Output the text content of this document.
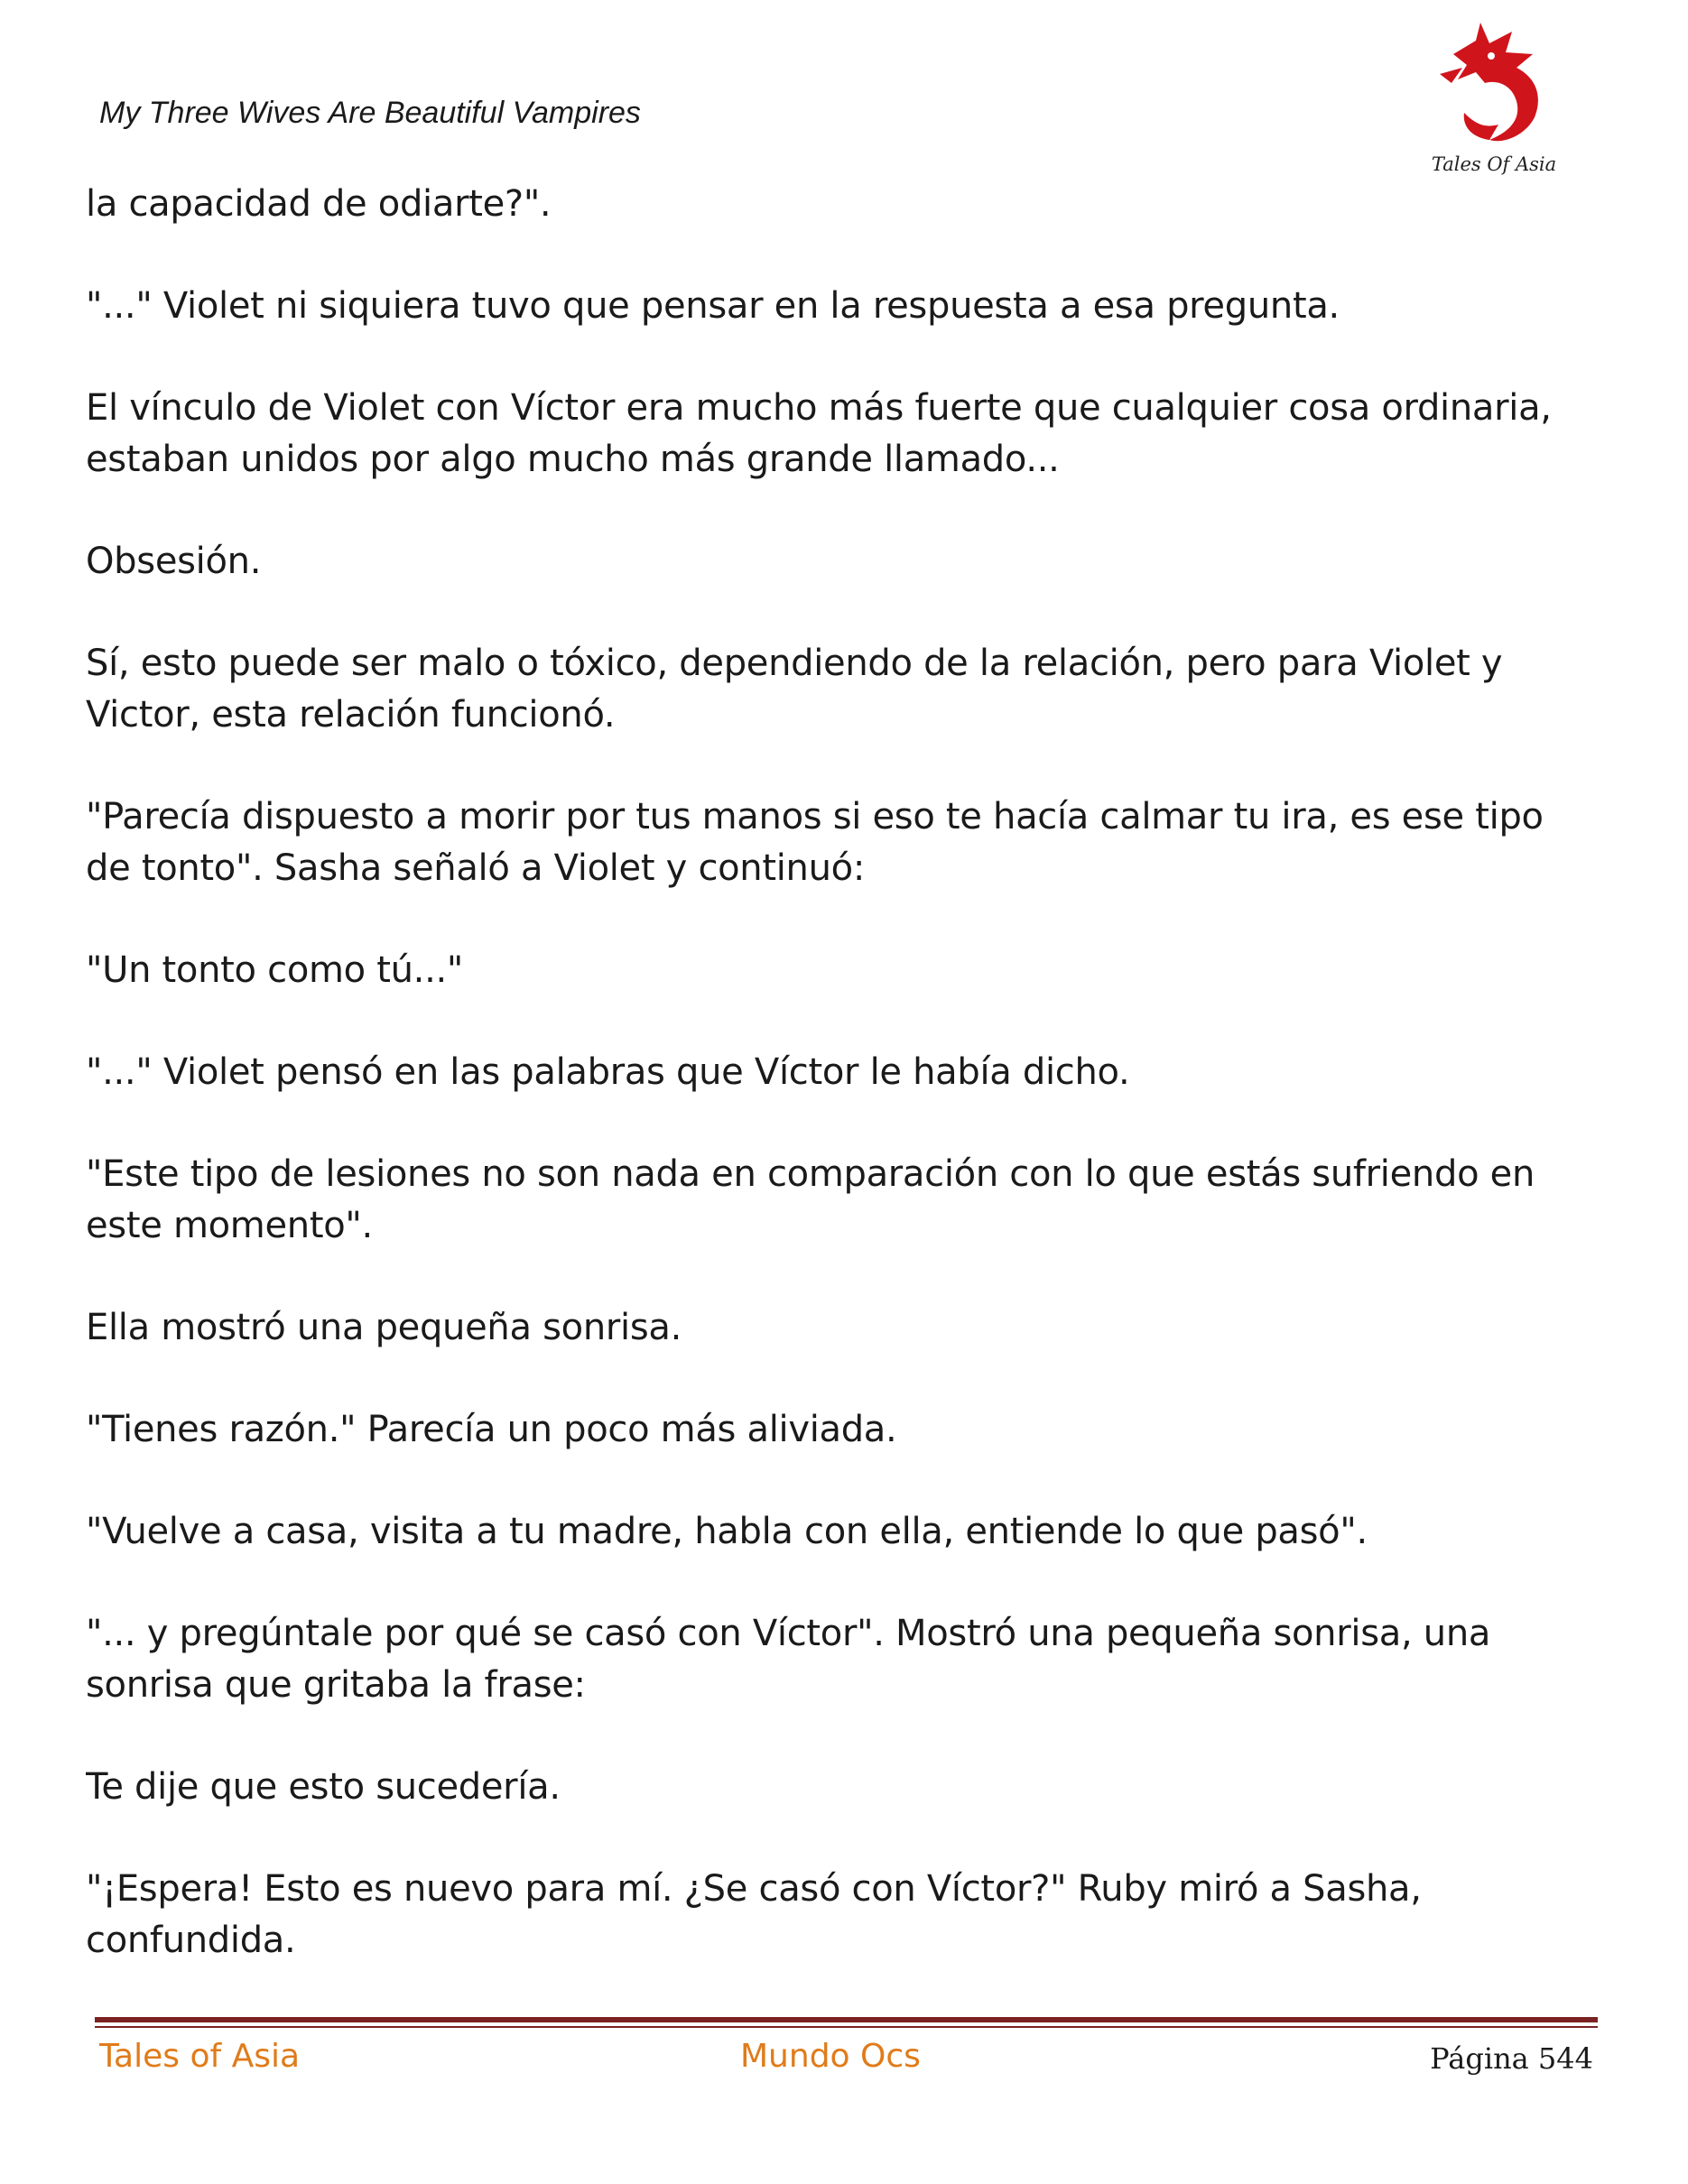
My Three Wives Are Beautiful Vampires
Tales Of Asia

la capacidad de odiarte?".

"..." Violet ni siquiera tuvo que pensar en la respuesta a esa pregunta.

El vínculo de Violet con Víctor era mucho más fuerte que cualquier cosa ordinaria, estaban unidos por algo mucho más grande llamado...

Obsesión.

Sí, esto puede ser malo o tóxico, dependiendo de la relación, pero para Violet y Victor, esta relación funcionó.

"Parecía dispuesto a morir por tus manos si eso te hacía calmar tu ira, es ese tipo de tonto". Sasha señaló a Violet y continuó:

"Un tonto como tú..."

"..." Violet pensó en las palabras que Víctor le había dicho.

"Este tipo de lesiones no son nada en comparación con lo que estás sufriendo en este momento".

Ella mostró una pequeña sonrisa.

"Tienes razón." Parecía un poco más aliviada.

"Vuelve a casa, visita a tu madre, habla con ella, entiende lo que pasó".

"... y pregúntale por qué se casó con Víctor". Mostró una pequeña sonrisa, una sonrisa que gritaba la frase:

Te dije que esto sucedería.

"¡Espera! Esto es nuevo para mí. ¿Se casó con Víctor?" Ruby miró a Sasha, confundida.

Tales of Asia	Mundo Ocs	Página 544
